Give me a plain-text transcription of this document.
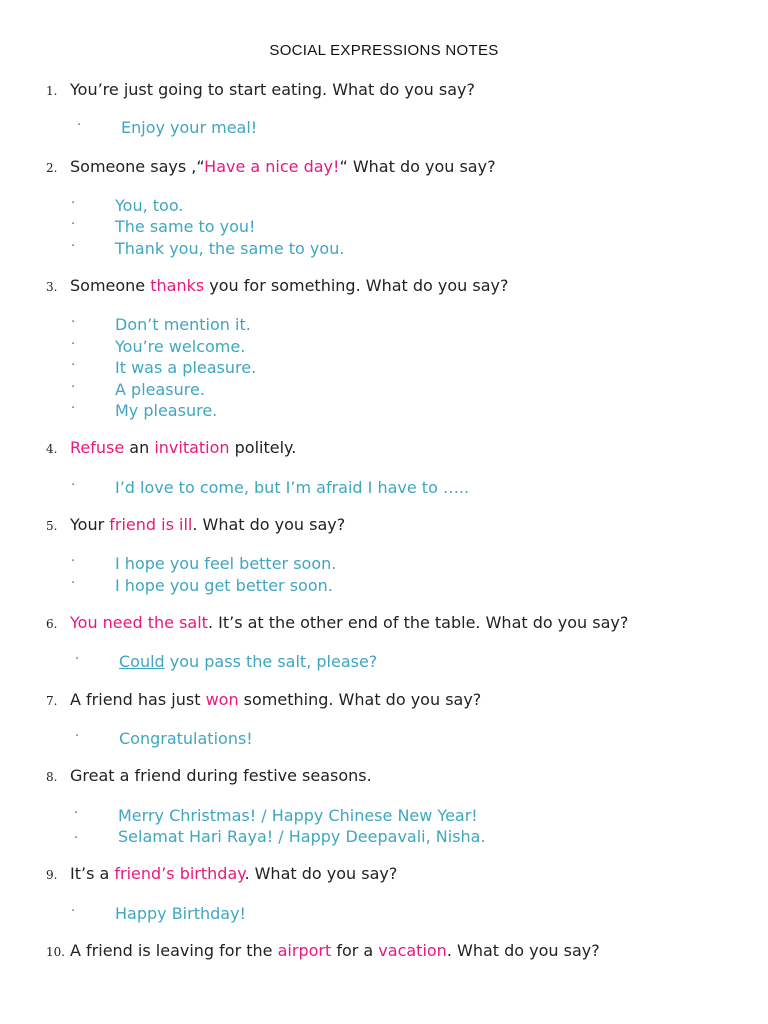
SOCIAL EXPRESSIONS NOTES
1. You’re just going to start eating. What do you say?
· Enjoy your meal!
2. Someone says ,“Have a nice day!“ What do you say?
· You, too.
· The same to you!
· Thank you, the same to you.
3. Someone thanks you for something. What do you say?
· Don’t mention it.
· You’re welcome.
· It was a pleasure.
· A pleasure.
· My pleasure.
4. Refuse an invitation politely.
· I’d love to come, but I’m afraid I have to …..
5. Your friend is ill. What do you say?
· I hope you feel better soon.
· I hope you get better soon.
6. You need the salt. It’s at the other end of the table. What do you say?
· Could you pass the salt, please?
7. A friend has just won something. What do you say?
· Congratulations!
8. Great a friend during festive seasons.
· Merry Christmas! / Happy Chinese New Year!
. Selamat Hari Raya! / Happy Deepavali, Nisha.
9. It’s a friend’s birthday. What do you say?
· Happy Birthday!
10. A friend is leaving for the airport for a vacation. What do you say?
